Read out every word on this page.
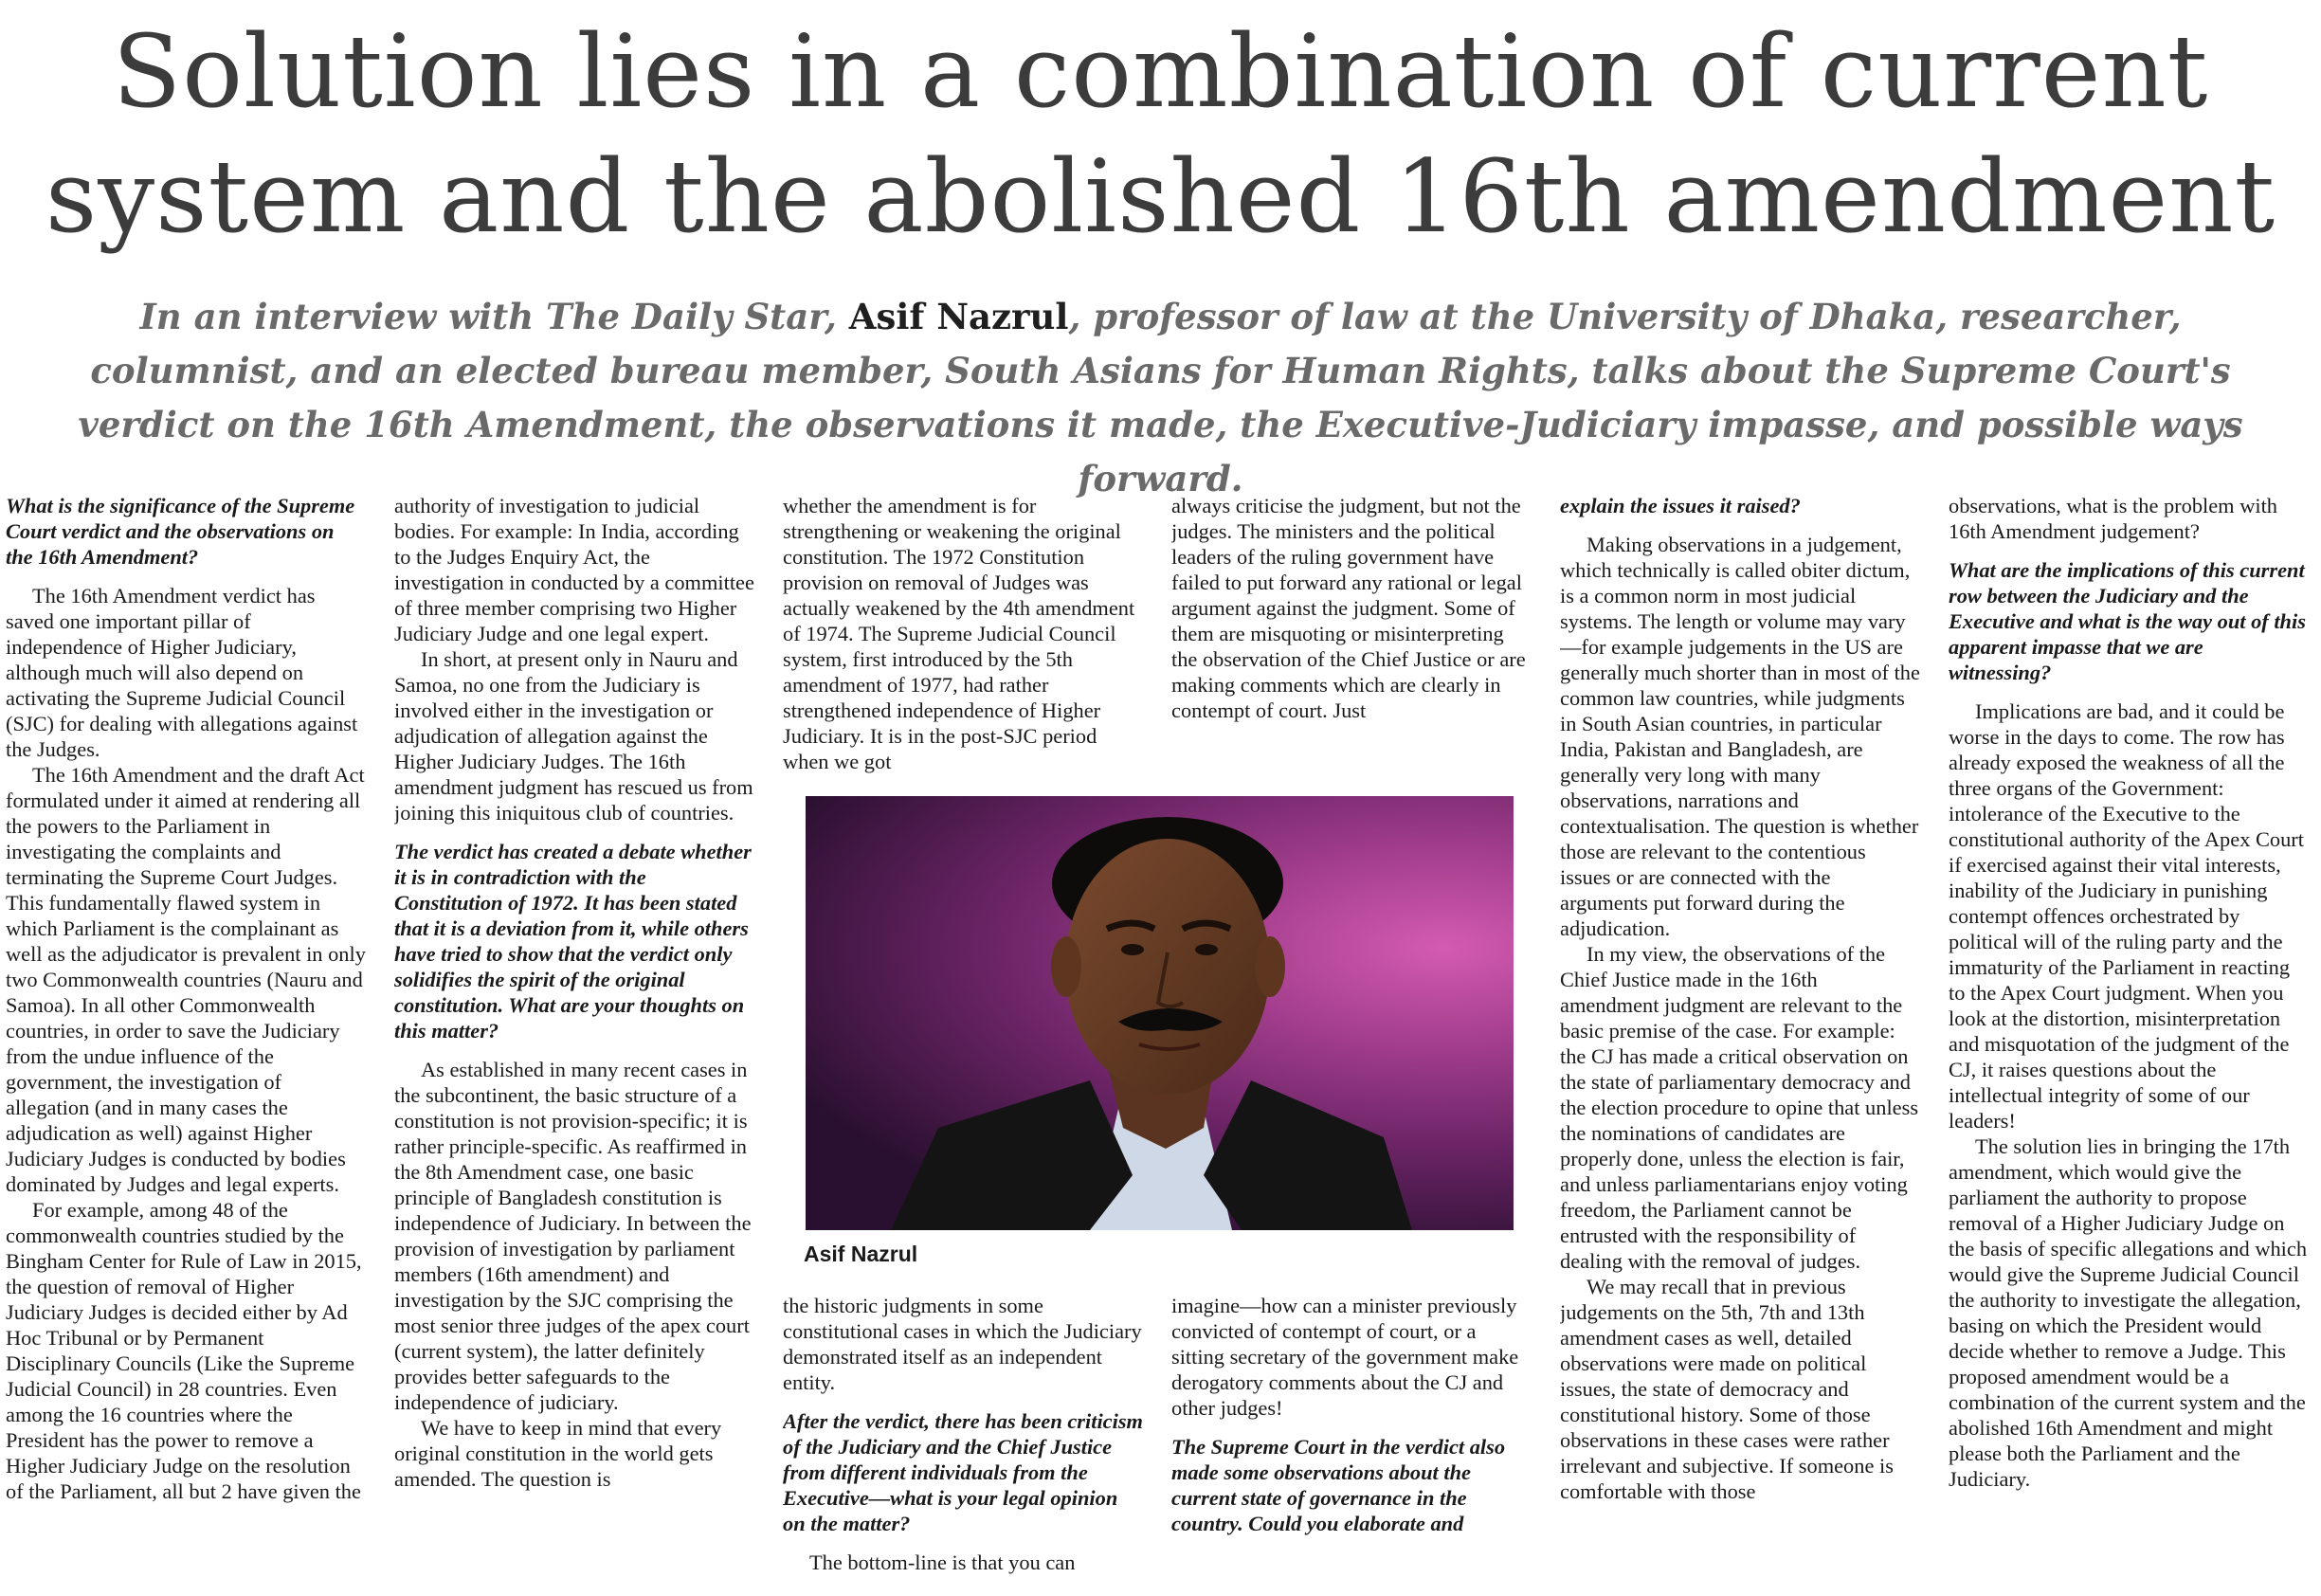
Solution lies in a combination of current
system and the abolished 16th amendment

In an interview with The Daily Star, Asif Nazrul, professor of law at the University of Dhaka, researcher, columnist, and an elected bureau member, South Asians for Human Rights, talks about the Supreme Court's verdict on the 16th Amendment, the observations it made, the Executive-Judiciary impasse, and possible ways forward.

What is the significance of the Supreme Court verdict and the observations on the 16th Amendment?

The 16th Amendment verdict has saved one important pillar of independence of Higher Judiciary, although much will also depend on activating the Supreme Judicial Council (SJC) for dealing with allegations against the Judges.

The 16th Amendment and the draft Act formulated under it aimed at rendering all the powers to the Parliament in investigating the complaints and terminating the Supreme Court Judges. This fundamentally flawed system in which Parliament is the complainant as well as the adjudicator is prevalent in only two Commonwealth countries (Nauru and Samoa). In all other Commonwealth countries, in order to save the Judiciary from the undue influence of the government, the investigation of allegation (and in many cases the adjudication as well) against Higher Judiciary Judges is conducted by bodies dominated by Judges and legal experts.

For example, among 48 of the commonwealth countries studied by the Bingham Center for Rule of Law in 2015, the question of removal of Higher Judiciary Judges is decided either by Ad Hoc Tribunal or by Permanent Disciplinary Councils (Like the Supreme Judicial Council) in 28 countries. Even among the 16 countries where the President has the power to remove a Higher Judiciary Judge on the resolution of the Parliament, all but 2 have given the

authority of investigation to judicial bodies. For example: In India, according to the Judges Enquiry Act, the investigation in conducted by a committee of three member comprising two Higher Judiciary Judge and one legal expert.

In short, at present only in Nauru and Samoa, no one from the Judiciary is involved either in the investigation or adjudication of allegation against the Higher Judiciary Judges. The 16th amendment judgment has rescued us from joining this iniquitous club of countries.

The verdict has created a debate whether it is in contradiction with the Constitution of 1972. It has been stated that it is a deviation from it, while others have tried to show that the verdict only solidifies the spirit of the original constitution. What are your thoughts on this matter?

As established in many recent cases in the subcontinent, the basic structure of a constitution is not provision-specific; it is rather principle-specific. As reaffirmed in the 8th Amendment case, one basic principle of Bangladesh constitution is independence of Judiciary. In between the provision of investigation by parliament members (16th amendment) and investigation by the SJC comprising the most senior three judges of the apex court (current system), the latter definitely provides better safeguards to the independence of judiciary.

We have to keep in mind that every original constitution in the world gets amended. The question is

whether the amendment is for strengthening or weakening the original constitution. The 1972 Constitution provision on removal of Judges was actually weakened by the 4th amendment of 1974. The Supreme Judicial Council system, first introduced by the 5th amendment of 1977, had rather strengthened independence of Higher Judiciary. It is in the post-SJC period when we got

always criticise the judgment, but not the judges. The ministers and the political leaders of the ruling government have failed to put forward any rational or legal argument against the judgment. Some of them are misquoting or misinterpreting the observation of the Chief Justice or are making comments which are clearly in contempt of court. Just

Asif Nazrul

the historic judgments in some constitutional cases in which the Judiciary demonstrated itself as an independent entity.

After the verdict, there has been criticism of the Judiciary and the Chief Justice from different individuals from the Executive—what is your legal opinion on the matter?

The bottom-line is that you can

imagine—how can a minister previously convicted of contempt of court, or a sitting secretary of the government make derogatory comments about the CJ and other judges!

The Supreme Court in the verdict also made some observations about the current state of governance in the country. Could you elaborate and

explain the issues it raised?

Making observations in a judgement, which technically is called obiter dictum, is a common norm in most judicial systems. The length or volume may vary—for example judgements in the US are generally much shorter than in most of the common law countries, while judgments in South Asian countries, in particular India, Pakistan and Bangladesh, are generally very long with many observations, narrations and contextualisation. The question is whether those are relevant to the contentious issues or are connected with the arguments put forward during the adjudication.

In my view, the observations of the Chief Justice made in the 16th amendment judgment are relevant to the basic premise of the case. For example: the CJ has made a critical observation on the state of parliamentary democracy and the election procedure to opine that unless the nominations of candidates are properly done, unless the election is fair, and unless parliamentarians enjoy voting freedom, the Parliament cannot be entrusted with the responsibility of dealing with the removal of judges.

We may recall that in previous judgements on the 5th, 7th and 13th amendment cases as well, detailed observations were made on political issues, the state of democracy and constitutional history. Some of those observations in these cases were rather irrelevant and subjective. If someone is comfortable with those

observations, what is the problem with 16th Amendment judgement?

What are the implications of this current row between the Judiciary and the Executive and what is the way out of this apparent impasse that we are witnessing?

Implications are bad, and it could be worse in the days to come. The row has already exposed the weakness of all the three organs of the Government: intolerance of the Executive to the constitutional authority of the Apex Court if exercised against their vital interests, inability of the Judiciary in punishing contempt offences orchestrated by political will of the ruling party and the immaturity of the Parliament in reacting to the Apex Court judgment. When you look at the distortion, misinterpretation and misquotation of the judgment of the CJ, it raises questions about the intellectual integrity of some of our leaders!

The solution lies in bringing the 17th amendment, which would give the parliament the authority to propose removal of a Higher Judiciary Judge on the basis of specific allegations and which would give the Supreme Judicial Council the authority to investigate the allegation, basing on which the President would decide whether to remove a Judge. This proposed amendment would be a combination of the current system and the abolished 16th Amendment and might please both the Parliament and the Judiciary.
